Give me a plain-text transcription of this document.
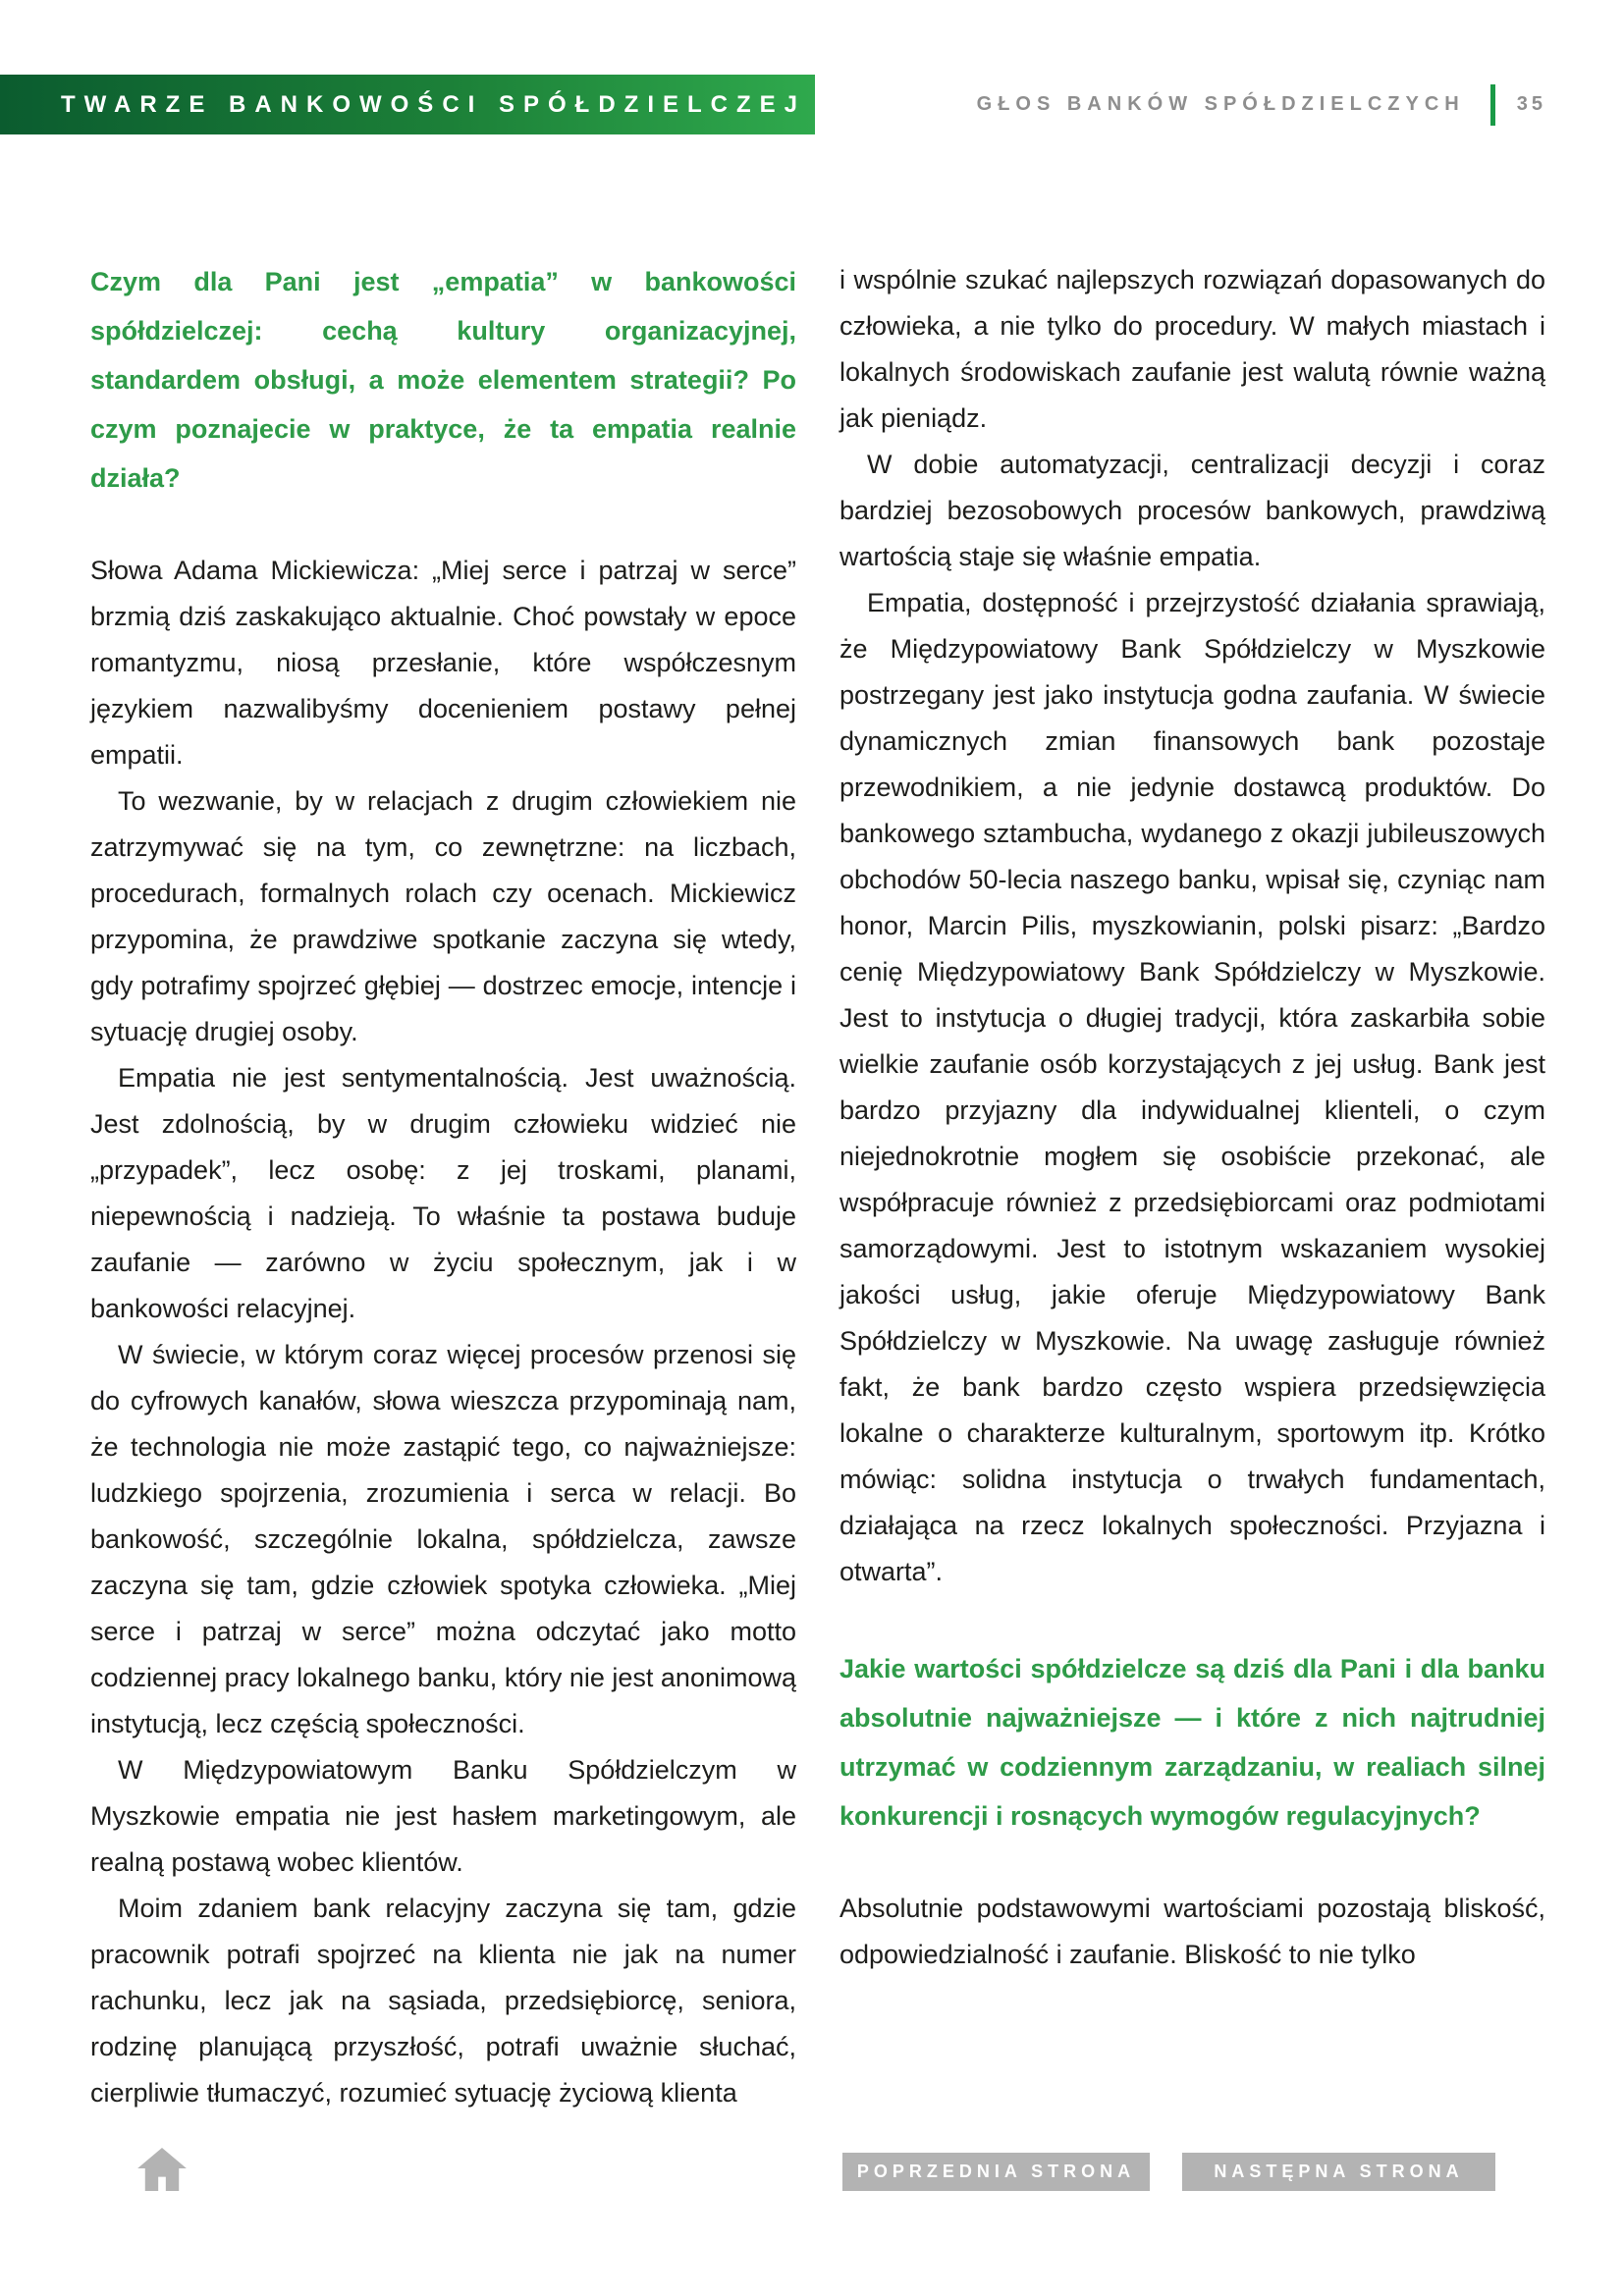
TWARZE BANKOWOŚCI SPÓŁDZIELCZEJ	GŁOS BANKÓW SPÓŁDZIELCZYCH	35

Czym dla Pani jest „empatia” w bankowości spółdzielczej: cechą kultury organizacyjnej, standardem obsługi, a może elementem strategii? Po czym poznajecie w praktyce, że ta empatia realnie działa?

Słowa Adama Mickiewicza: „Miej serce i patrzaj w serce” brzmią dziś zaskakująco aktualnie. Choć powstały w epoce romantyzmu, niosą przesłanie, które współczesnym językiem nazwalibyśmy docenieniem postawy pełnej empatii.

To wezwanie, by w relacjach z drugim człowiekiem nie zatrzymywać się na tym, co zewnętrzne: na liczbach, procedurach, formalnych rolach czy ocenach. Mickiewicz przypomina, że prawdziwe spotkanie zaczyna się wtedy, gdy potrafimy spojrzeć głębiej — dostrzec emocje, intencje i sytuację drugiej osoby.

Empatia nie jest sentymentalnością. Jest uważnością. Jest zdolnością, by w drugim człowieku widzieć nie „przypadek”, lecz osobę: z jej troskami, planami, niepewnością i nadzieją. To właśnie ta postawa buduje zaufanie — zarówno w życiu społecznym, jak i w bankowości relacyjnej.

W świecie, w którym coraz więcej procesów przenosi się do cyfrowych kanałów, słowa wieszcza przypominają nam, że technologia nie może zastąpić tego, co najważniejsze: ludzkiego spojrzenia, zrozumienia i serca w relacji. Bo bankowość, szczególnie lokalna, spółdzielcza, zawsze zaczyna się tam, gdzie człowiek spotyka człowieka. „Miej serce i patrzaj w serce” można odczytać jako motto codziennej pracy lokalnego banku, który nie jest anonimową instytucją, lecz częścią społeczności.

W Międzypowiatowym Banku Spółdzielczym w Myszkowie empatia nie jest hasłem marketingowym, ale realną postawą wobec klientów.

Moim zdaniem bank relacyjny zaczyna się tam, gdzie pracownik potrafi spojrzeć na klienta nie jak na numer rachunku, lecz jak na sąsiada, przedsiębiorcę, seniora, rodzinę planującą przyszłość, potrafi uważnie słuchać, cierpliwie tłumaczyć, rozumieć sytuację życiową klienta

i wspólnie szukać najlepszych rozwiązań dopasowanych do człowieka, a nie tylko do procedury. W małych miastach i lokalnych środowiskach zaufanie jest walutą równie ważną jak pieniądz.

W dobie automatyzacji, centralizacji decyzji i coraz bardziej bezosobowych procesów bankowych, prawdziwą wartością staje się właśnie empatia.

Empatia, dostępność i przejrzystość działania sprawiają, że Międzypowiatowy Bank Spółdzielczy w Myszkowie postrzegany jest jako instytucja godna zaufania. W świecie dynamicznych zmian finansowych bank pozostaje przewodnikiem, a nie jedynie dostawcą produktów. Do bankowego sztambucha, wydanego z okazji jubileuszowych obchodów 50-lecia naszego banku, wpisał się, czyniąc nam honor, Marcin Pilis, myszkowianin, polski pisarz: „Bardzo cenię Międzypowiatowy Bank Spółdzielczy w Myszkowie. Jest to instytucja o długiej tradycji, która zaskarbiła sobie wielkie zaufanie osób korzystających z jej usług. Bank jest bardzo przyjazny dla indywidualnej klienteli, o czym niejednokrotnie mogłem się osobiście przekonać, ale współpracuje również z przedsiębiorcami oraz podmiotami samorządowymi. Jest to istotnym wskazaniem wysokiej jakości usług, jakie oferuje Międzypowiatowy Bank Spółdzielczy w Myszkowie. Na uwagę zasługuje również fakt, że bank bardzo często wspiera przedsięwzięcia lokalne o charakterze kulturalnym, sportowym itp. Krótko mówiąc: solidna instytucja o trwałych fundamentach, działająca na rzecz lokalnych społeczności. Przyjazna i otwarta”.

Jakie wartości spółdzielcze są dziś dla Pani i dla banku absolutnie najważniejsze — i które z nich najtrudniej utrzymać w codziennym zarządzaniu, w realiach silnej konkurencji i rosnących wymogów regulacyjnych?

Absolutnie podstawowymi wartościami pozostają bliskość, odpowiedzialność i zaufanie. Bliskość to nie tylko

POPRZEDNIA STRONA	NASTĘPNA STRONA
